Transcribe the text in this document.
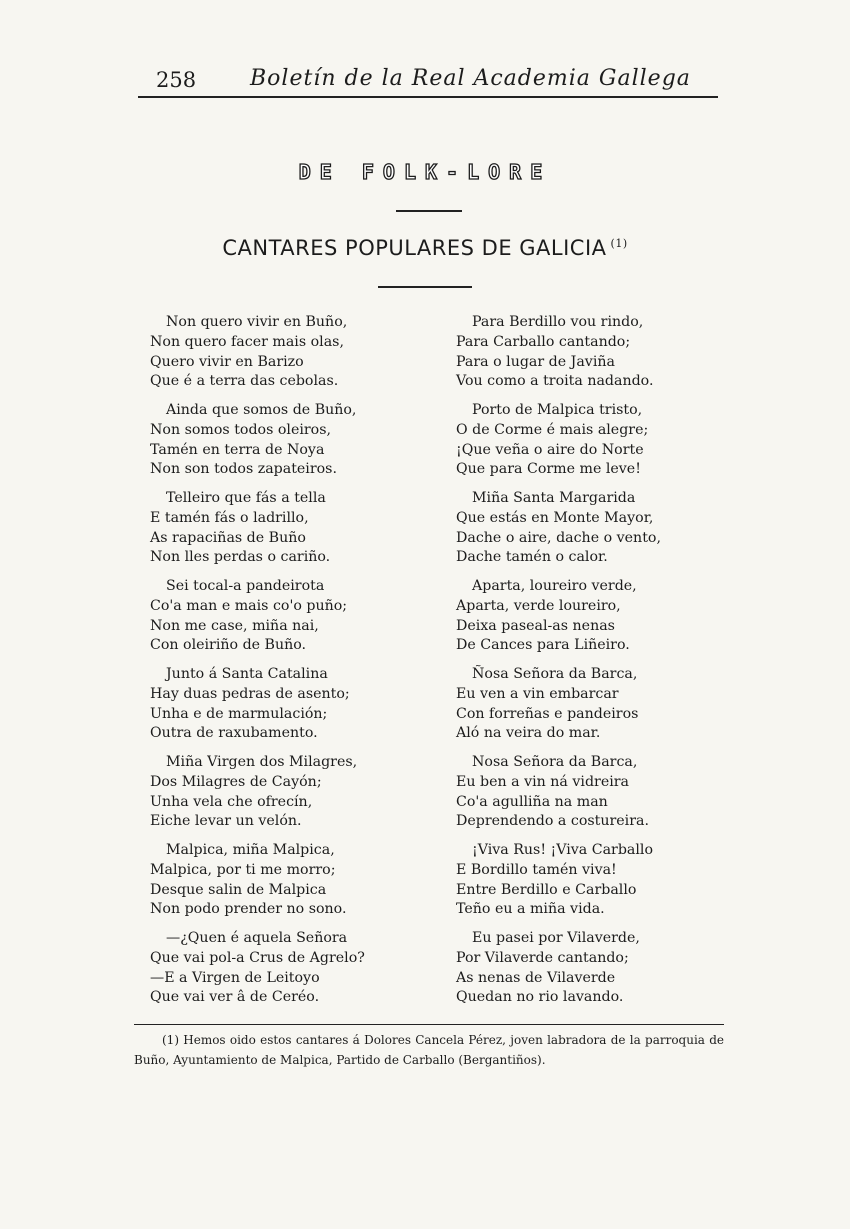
258 Boletín de la Real Academia Gallega
DE FOLK-LORE
CANTARES POPULARES DE GALICIA $^{(1)}$
Non quero vivir en Buño,
Non quero facer mais olas,
Quero vivir en Barizo
Que é a terra das cebolas.
Ainda que somos de Buño,
Non somos todos oleiros,
Tamén en terra de Noya
Non son todos zapateiros.
Telleiro que fás a tella
E tamén fás o ladrillo,
As rapaciñas de Buño
Non lles perdas o cariño.
Sei tocal-a pandeirota
Co'a man e mais co'o puño;
Non me case, miña nai,
Con oleiriño de Buño.
Junto á Santa Catalina
Hay duas pedras de asento;
Unha e de marmulación;
Outra de raxubamento.
Miña Virgen dos Milagres,
Dos Milagres de Cayón;
Unha vela che ofrecín,
Eiche levar un velón.
Malpica, miña Malpica,
Malpica, por ti me morro;
Desque salin de Malpica
Non podo prender no sono.
—¿Quen é aquela Señora
Que vai pol-a Crus de Agrelo?
—E a Virgen de Leitoyo
Que vai ver â de Ceréo.
Para Berdillo vou rindo,
Para Carballo cantando;
Para o lugar de Javiña
Vou como a troita nadando.
Porto de Malpica tristo,
O de Corme é mais alegre;
¡Que veña o aire do Norte
Que para Corme me leve!
Miña Santa Margarida
Que estás en Monte Mayor,
Dache o aire, dache o vento,
Dache tamén o calor.
Aparta, loureiro verde,
Aparta, verde loureiro,
Deixa paseal-as nenas
De Cances para Liñeiro.
Ñosa Señora da Barca,
Eu ven a vin embarcar
Con forreñas e pandeiros
Aló na veira do mar.
Nosa Señora da Barca,
Eu ben a vin ná vidreira
Co'a agulliña na man
Deprendendo a costureira.
¡Viva Rus! ¡Viva Carballo
E Bordillo tamén viva!
Entre Berdillo e Carballo
Teño eu a miña vida.
Eu pasei por Vilaverde,
Por Vilaverde cantando;
As nenas de Vilaverde
Quedan no rio lavando.
(1) Hemos oido estos cantares á Dolores Cancela Pérez, joven labradora de la parroquia de Buño, Ayuntamiento de Malpica, Partido de Carballo (Bergantiños).
